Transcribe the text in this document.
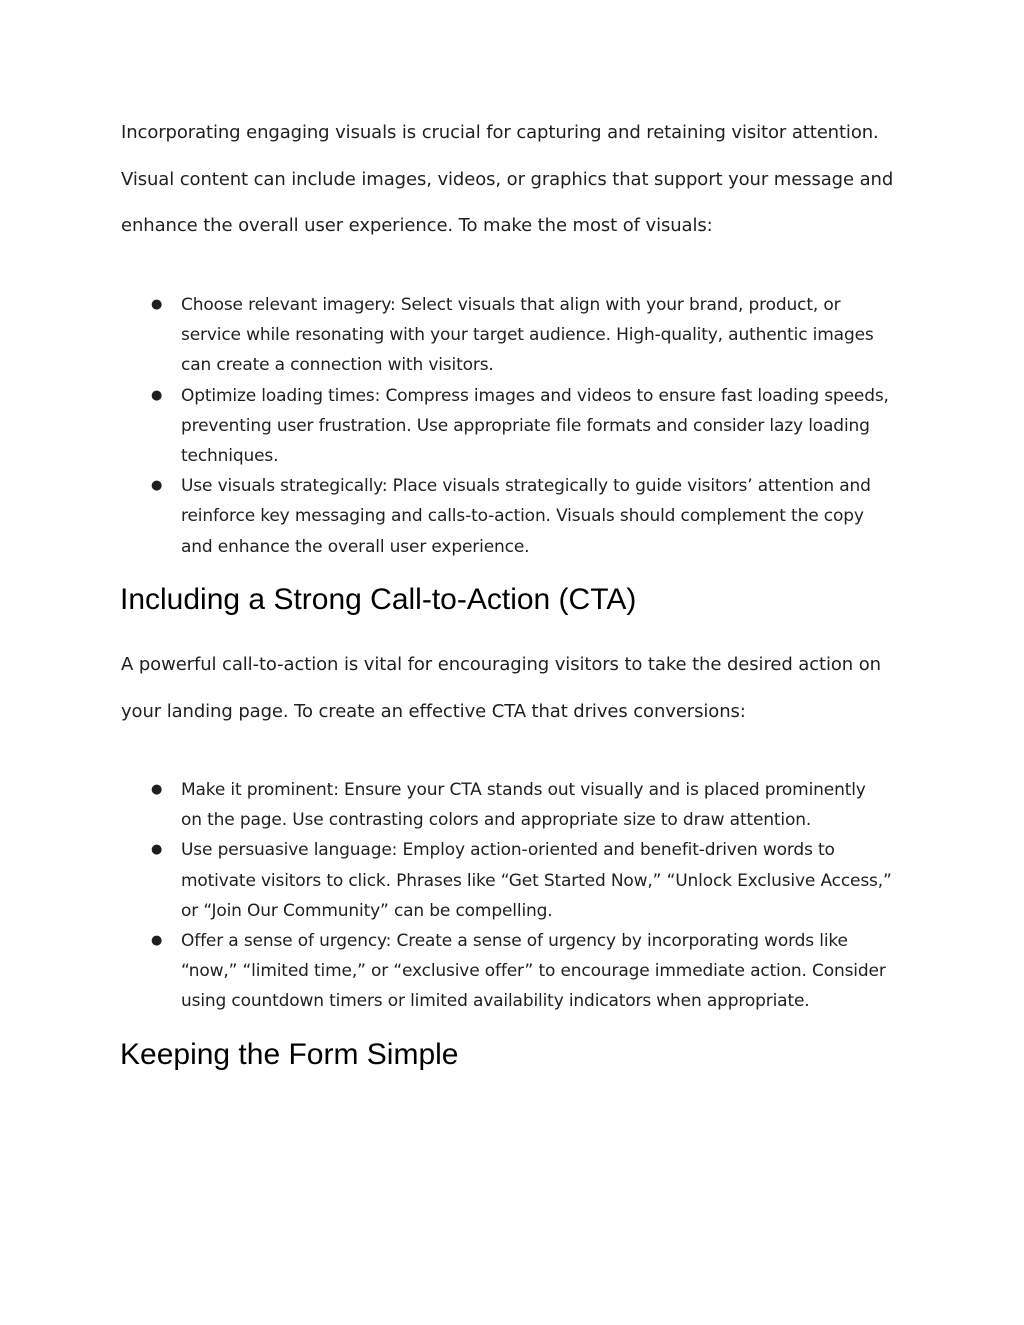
Incorporating engaging visuals is crucial for capturing and retaining visitor attention.
Visual content can include images, videos, or graphics that support your message and
enhance the overall user experience. To make the most of visuals:

● Choose relevant imagery: Select visuals that align with your brand, product, or
service while resonating with your target audience. High-quality, authentic images
can create a connection with visitors.
● Optimize loading times: Compress images and videos to ensure fast loading speeds,
preventing user frustration. Use appropriate file formats and consider lazy loading
techniques.
● Use visuals strategically: Place visuals strategically to guide visitors’ attention and
reinforce key messaging and calls-to-action. Visuals should complement the copy
and enhance the overall user experience.
Including a Strong Call-to-Action (CTA)

A powerful call-to-action is vital for encouraging visitors to take the desired action on
your landing page. To create an effective CTA that drives conversions:

● Make it prominent: Ensure your CTA stands out visually and is placed prominently
on the page. Use contrasting colors and appropriate size to draw attention.
● Use persuasive language: Employ action-oriented and benefit-driven words to
motivate visitors to click. Phrases like “Get Started Now,” “Unlock Exclusive Access,”
or “Join Our Community” can be compelling.
● Offer a sense of urgency: Create a sense of urgency by incorporating words like
“now,” “limited time,” or “exclusive offer” to encourage immediate action. Consider
using countdown timers or limited availability indicators when appropriate.
Keeping the Form Simple
